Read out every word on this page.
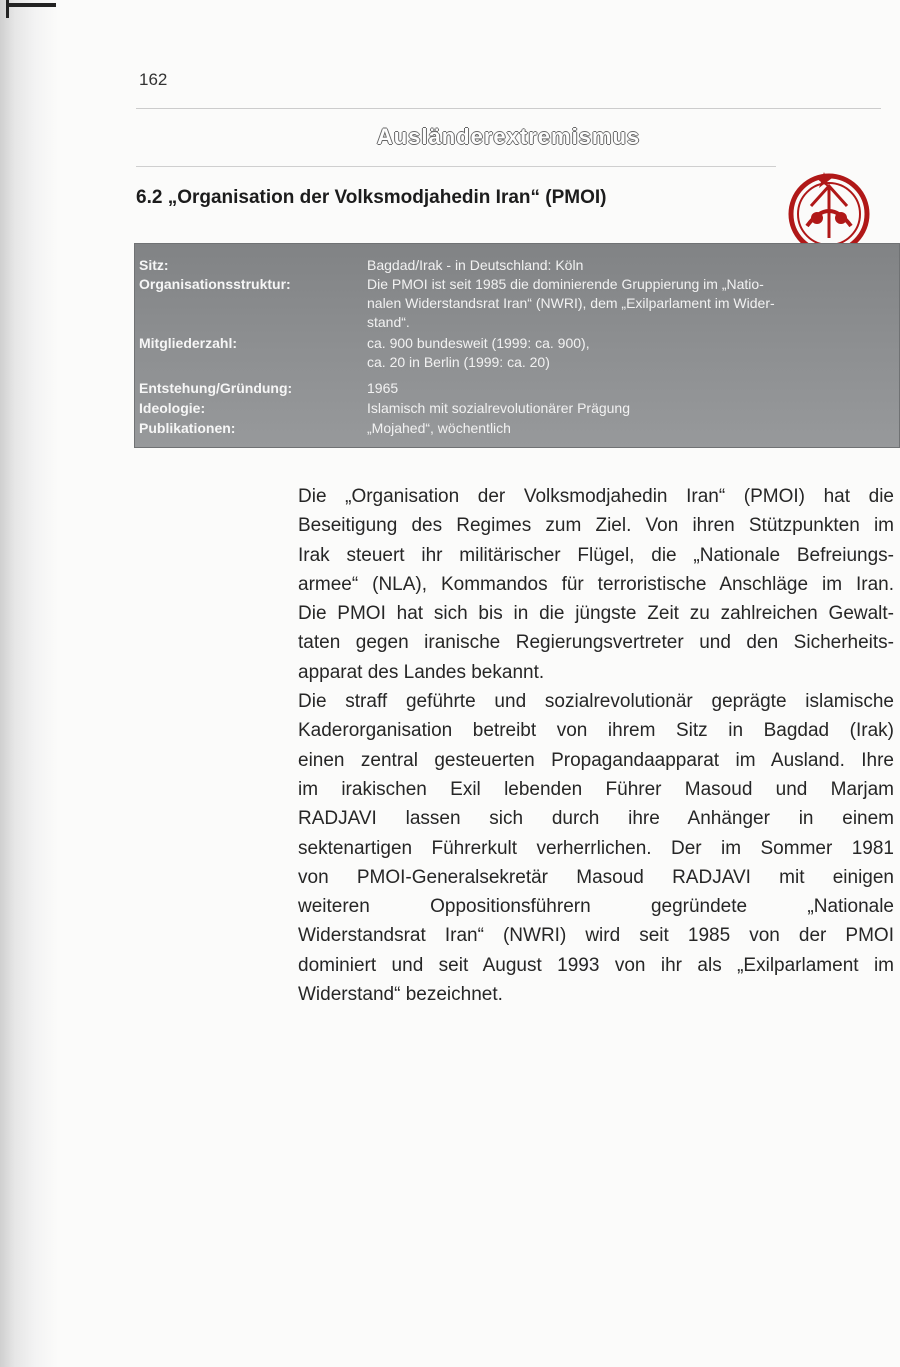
162
Ausländerextremismus
6.2 „Organisation der Volksmodjahedin Iran“ (PMOI)
Sitz:	Bagdad/Irak - in Deutschland: Köln
Organisationsstruktur:	Die PMOI ist seit 1985 die dominierende Gruppierung im „Natio-
nalen Widerstandsrat Iran“ (NWRI), dem „Exilparlament im Wider-
stand“.
Mitgliederzahl:	ca. 900 bundesweit (1999: ca. 900),
ca. 20 in Berlin (1999: ca. 20)
Entstehung/Gründung:	1965
Ideologie:	Islamisch mit sozialrevolutionärer Prägung
Publikationen:	„Mojahed“, wöchentlich

Die „Organisation der Volksmodjahedin Iran“ (PMOI) hat die

Beseitigung des Regimes zum Ziel. Von ihren Stützpunkten im

Irak steuert ihr militärischer Flügel, die „Nationale Befreiungs-

armee“ (NLA), Kommandos für terroristische Anschläge im Iran.

Die PMOI hat sich bis in die jüngste Zeit zu zahlreichen Gewalt-

taten gegen iranische Regierungsvertreter und den Sicherheits-

apparat des Landes bekannt.

Die straff geführte und sozialrevolutionär geprägte islamische

Kaderorganisation betreibt von ihrem Sitz in Bagdad (Irak)

einen zentral gesteuerten Propagandaapparat im Ausland. Ihre

im irakischen Exil lebenden Führer Masoud und Marjam

RADJAVI lassen sich durch ihre Anhänger in einem

sektenartigen Führerkult verherrlichen. Der im Sommer 1981

von PMOI-Generalsekretär Masoud RADJAVI mit einigen

weiteren Oppositionsführern gegründete „Nationale

Widerstandsrat Iran“ (NWRI) wird seit 1985 von der PMOI

dominiert und seit August 1993 von ihr als „Exilparlament im

Widerstand“ bezeichnet.
